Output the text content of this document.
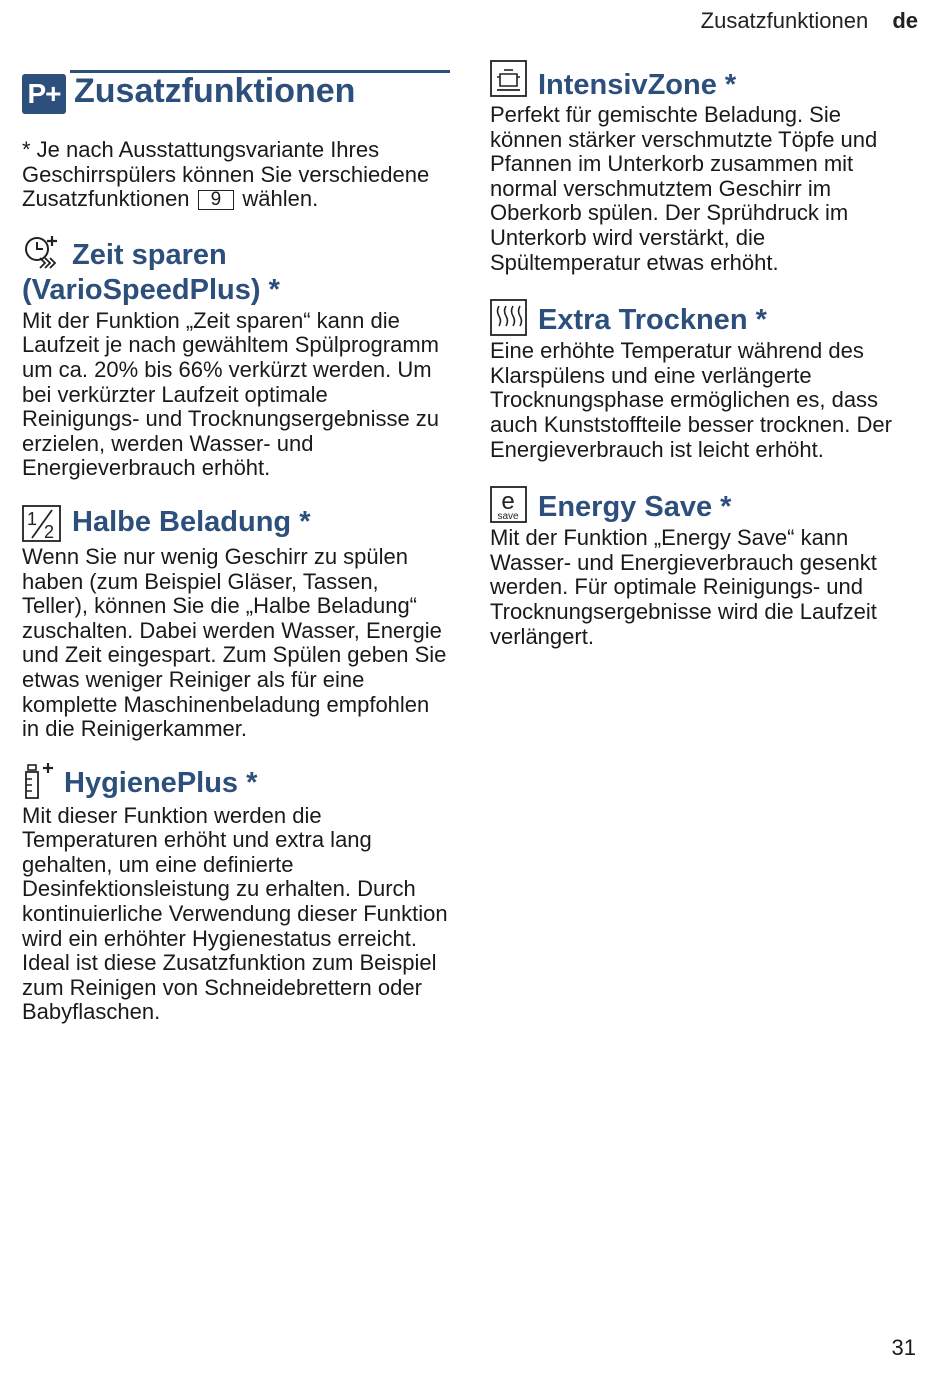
Zusatzfunktionen de
P+ Zusatzfunktionen
* Je nach Ausstattungsvariante Ihres Geschirrspülers können Sie verschiedene Zusatzfunktionen 9 wählen.
Zeit sparen
(VarioSpeedPlus) *
Mit der Funktion „Zeit sparen“ kann die Laufzeit je nach gewähltem Spülprogramm um ca. 20% bis 66% verkürzt werden. Um bei verkürzter Laufzeit optimale Reinigungs- und Trocknungsergebnisse zu erzielen, werden Wasser- und Energieverbrauch erhöht.
1
2 Halbe Beladung *
Wenn Sie nur wenig Geschirr zu spülen haben (zum Beispiel Gläser, Tassen, Teller), können Sie die „Halbe Beladung“ zuschalten. Dabei werden Wasser, Energie und Zeit eingespart. Zum Spülen geben Sie etwas weniger Reiniger als für eine komplette Maschinenbeladung empfohlen in die Reinigerkammer.
HygienePlus *
Mit dieser Funktion werden die Temperaturen erhöht und extra lang gehalten, um eine definierte Desinfektionsleistung zu erhalten. Durch kontinuierliche Verwendung dieser Funktion wird ein erhöhter Hygienestatus erreicht. Ideal ist diese Zusatzfunktion zum Beispiel zum Reinigen von Schneidebrettern oder Babyflaschen.
IntensivZone *
Perfekt für gemischte Beladung. Sie können stärker verschmutzte Töpfe und Pfannen im Unterkorb zusammen mit normal verschmutztem Geschirr im Oberkorb spülen. Der Sprühdruck im Unterkorb wird verstärkt, die Spültemperatur etwas erhöht.
Extra Trocknen *
Eine erhöhte Temperatur während des Klarspülens und eine verlängerte Trocknungsphase ermöglichen es, dass auch Kunststoffteile besser trocknen. Der Energieverbrauch ist leicht erhöht.
e
save Energy Save *
Mit der Funktion „Energy Save“ kann Wasser- und Energieverbrauch gesenkt werden. Für optimale Reinigungs- und Trocknungsergebnisse wird die Laufzeit verlängert.
31
